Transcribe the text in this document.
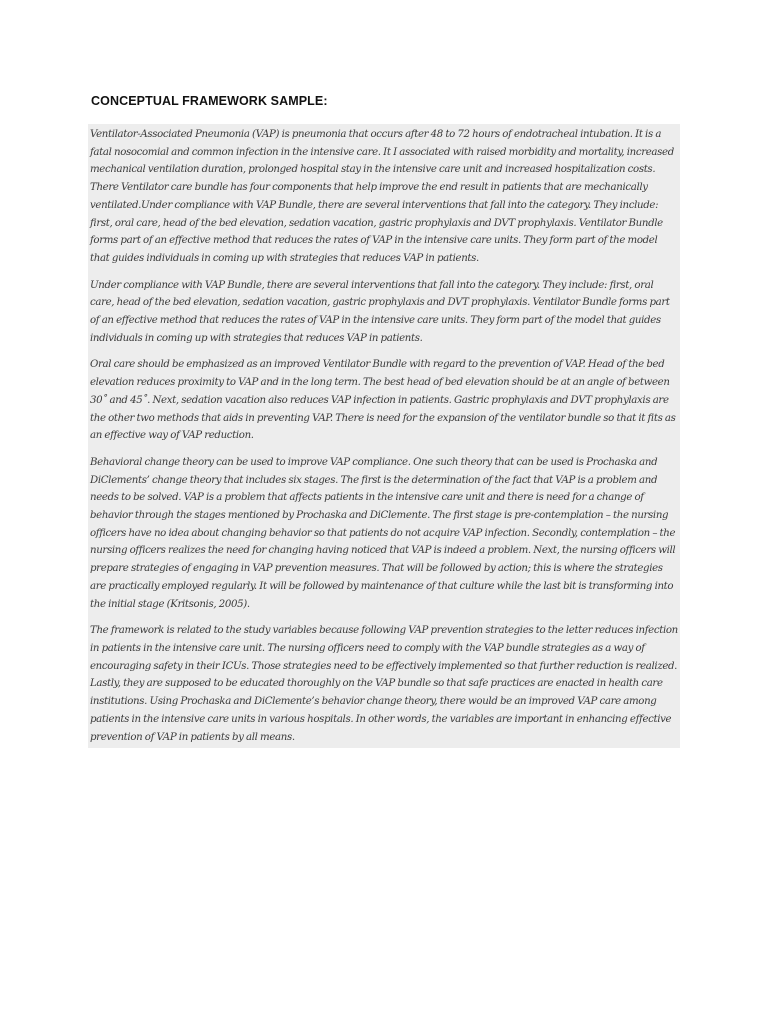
CONCEPTUAL FRAMEWORK SAMPLE:

Ventilator-Associated Pneumonia (VAP) is pneumonia that occurs after 48 to 72 hours of endotracheal intubation. It is a fatal nosocomial and common infection in the intensive care. It I associated with raised morbidity and mortality, increased mechanical ventilation duration, prolonged hospital stay in the intensive care unit and increased hospitalization costs. There Ventilator care bundle has four components that help improve the end result in patients that are mechanically ventilated.Under compliance with VAP Bundle, there are several interventions that fall into the category. They include: first, oral care, head of the bed elevation, sedation vacation, gastric prophylaxis and DVT prophylaxis. Ventilator Bundle forms part of an effective method that reduces the rates of VAP in the intensive care units. They form part of the model that guides individuals in coming up with strategies that reduces VAP in patients.

Under compliance with VAP Bundle, there are several interventions that fall into the category. They include: first, oral care, head of the bed elevation, sedation vacation, gastric prophylaxis and DVT prophylaxis. Ventilator Bundle forms part of an effective method that reduces the rates of VAP in the intensive care units. They form part of the model that guides individuals in coming up with strategies that reduces VAP in patients.

Oral care should be emphasized as an improved Ventilator Bundle with regard to the prevention of VAP. Head of the bed elevation reduces proximity to VAP and in the long term. The best head of bed elevation should be at an angle of between 30˚ and 45˚. Next, sedation vacation also reduces VAP infection in patients. Gastric prophylaxis and DVT prophylaxis are the other two methods that aids in preventing VAP. There is need for the expansion of the ventilator bundle so that it fits as an effective way of VAP reduction.

Behavioral change theory can be used to improve VAP compliance. One such theory that can be used is Prochaska and DiClements’ change theory that includes six stages. The first is the determination of the fact that VAP is a problem and needs to be solved. VAP is a problem that affects patients in the intensive care unit and there is need for a change of behavior through the stages mentioned by Prochaska and DiClemente. The first stage is pre-contemplation – the nursing officers have no idea about changing behavior so that patients do not acquire VAP infection. Secondly, contemplation – the nursing officers realizes the need for changing having noticed that VAP is indeed a problem. Next, the nursing officers will prepare strategies of engaging in VAP prevention measures. That will be followed by action; this is where the strategies are practically employed regularly. It will be followed by maintenance of that culture while the last bit is transforming into the initial stage (Kritsonis, 2005).

The framework is related to the study variables because following VAP prevention strategies to the letter reduces infection in patients in the intensive care unit. The nursing officers need to comply with the VAP bundle strategies as a way of encouraging safety in their ICUs. Those strategies need to be effectively implemented so that further reduction is realized. Lastly, they are supposed to be educated thoroughly on the VAP bundle so that safe practices are enacted in health care institutions. Using Prochaska and DiClemente’s behavior change theory, there would be an improved VAP care among patients in the intensive care units in various hospitals. In other words, the variables are important in enhancing effective prevention of VAP in patients by all means.
